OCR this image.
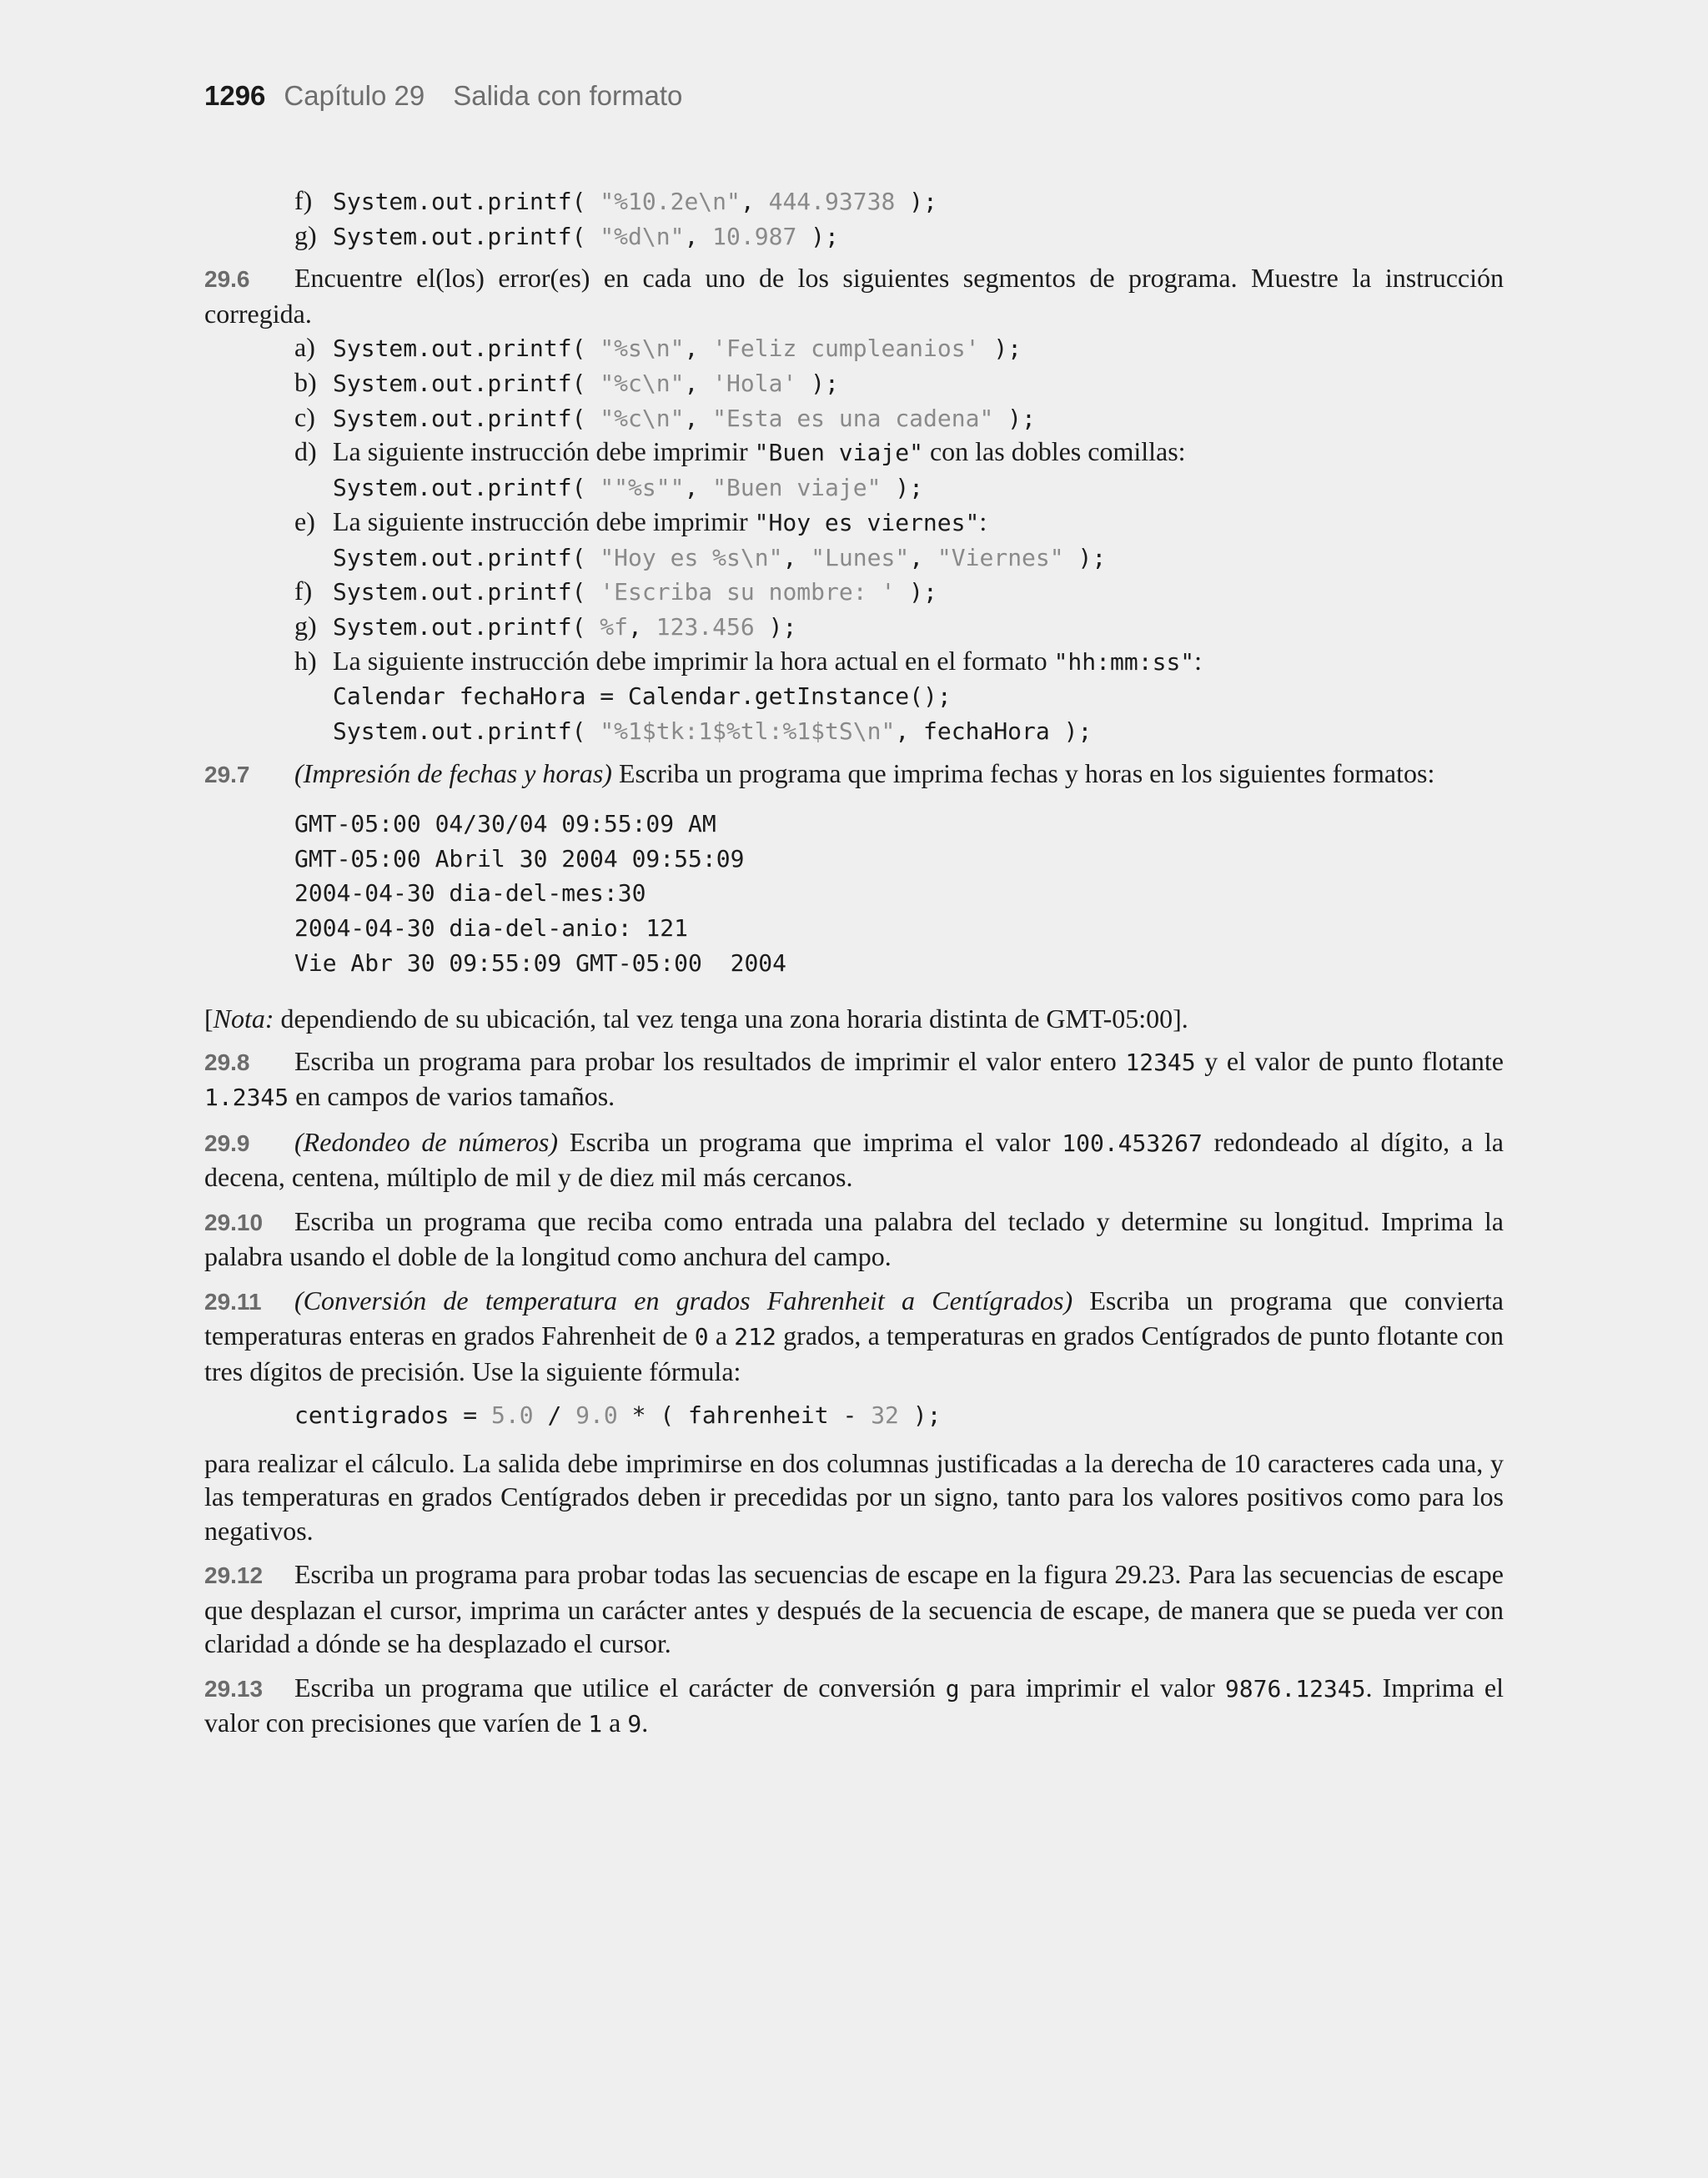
1296 Capítulo 29 Salida con formato
f) System.out.printf( "%10.2e\n", 444.93738 );
g) System.out.printf( "%d\n", 10.987 );
29.6 Encuentre el(los) error(es) en cada uno de los siguientes segmentos de programa. Muestre la instrucción corregida.
a) System.out.printf( "%s\n", 'Feliz cumpleanios' );
b) System.out.printf( "%c\n", 'Hola' );
c) System.out.printf( "%c\n", "Esta es una cadena" );
d) La siguiente instrucción debe imprimir "Buen viaje" con las dobles comillas:
System.out.printf( ""%s"", "Buen viaje" );
e) La siguiente instrucción debe imprimir "Hoy es viernes":
System.out.printf( "Hoy es %s\n", "Lunes", "Viernes" );
f) System.out.printf( 'Escriba su nombre: ' );
g) System.out.printf( %f, 123.456 );
h) La siguiente instrucción debe imprimir la hora actual en el formato "hh:mm:ss":
Calendar fechaHora = Calendar.getInstance();
System.out.printf( "%1$tk:1$%tl:%1$tS\n", fechaHora );
29.7 (Impresión de fechas y horas) Escriba un programa que imprima fechas y horas en los siguientes formatos:
GMT-05:00 04/30/04 09:55:09 AM
GMT-05:00 Abril 30 2004 09:55:09
2004-04-30 dia-del-mes:30
2004-04-30 dia-del-anio: 121
Vie Abr 30 09:55:09 GMT-05:00  2004
[Nota: dependiendo de su ubicación, tal vez tenga una zona horaria distinta de GMT-05:00].
29.8 Escriba un programa para probar los resultados de imprimir el valor entero 12345 y el valor de punto flotante 1.2345 en campos de varios tamaños.
29.9 (Redondeo de números) Escriba un programa que imprima el valor 100.453267 redondeado al dígito, a la decena, centena, múltiplo de mil y de diez mil más cercanos.
29.10 Escriba un programa que reciba como entrada una palabra del teclado y determine su longitud. Imprima la palabra usando el doble de la longitud como anchura del campo.
29.11 (Conversión de temperatura en grados Fahrenheit a Centígrados) Escriba un programa que convierta temperaturas enteras en grados Fahrenheit de 0 a 212 grados, a temperaturas en grados Centígrados de punto flotante con tres dígitos de precisión. Use la siguiente fórmula:
centigrados = 5.0 / 9.0 * ( fahrenheit - 32 );
para realizar el cálculo. La salida debe imprimirse en dos columnas justificadas a la derecha de 10 caracteres cada una, y las temperaturas en grados Centígrados deben ir precedidas por un signo, tanto para los valores positivos como para los negativos.
29.12 Escriba un programa para probar todas las secuencias de escape en la figura 29.23. Para las secuencias de escape que desplazan el cursor, imprima un carácter antes y después de la secuencia de escape, de manera que se pueda ver con claridad a dónde se ha desplazado el cursor.
29.13 Escriba un programa que utilice el carácter de conversión g para imprimir el valor 9876.12345. Imprima el valor con precisiones que varíen de 1 a 9.
